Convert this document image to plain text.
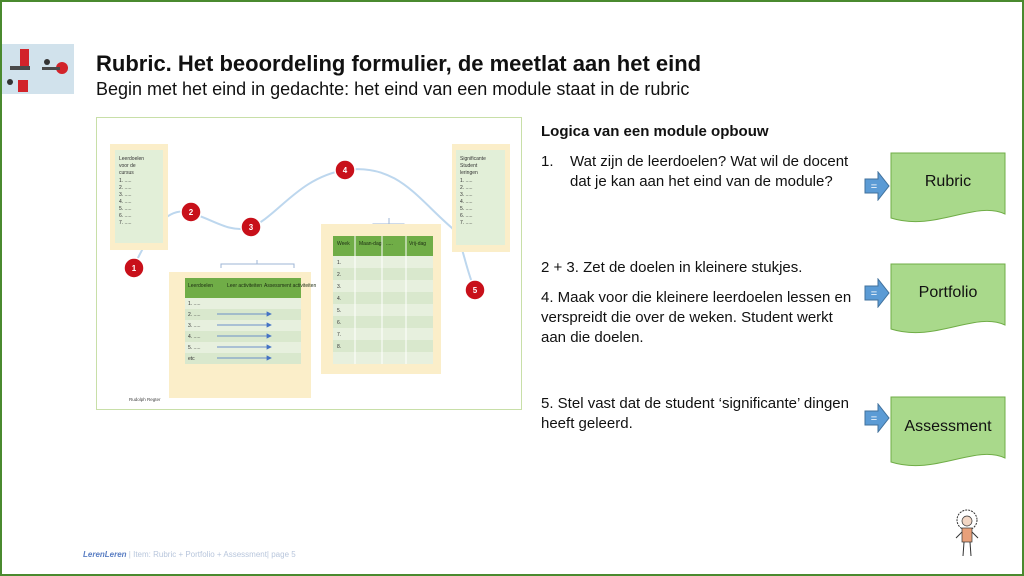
Rubric. Het beoordeling formulier, de meetlat aan het eind
Begin met het eind in gedachte: het eind van een module staat in de rubric
Leerdoelen
voor de
cursus
1. .....
2. .....
3. .....
4. .....
5. .....
6. .....
7. .....
Significante
Student
leringen
1. .....
2. .....
3. .....
4. .....
5. .....
6. .....
7. .....
Leerdoelen	Leer activiteiten Assessment activiteiten
1. .....
2. .....
3. .....
4. .....
5. .....
etc
Week Maan-dag .....	Vrij-dag
1.
2.
3.
4.
5.
6.
7.
8.
1
2
3
4
5
Rudolph Regter
Logica van een module opbouw
1. Wat zijn de leerdoelen? Wat wil de docent dat je kan aan het eind van de module?
2 + 3. Zet de doelen in kleinere stukjes.
4. Maak voor die kleinere leerdoelen lessen en verspreidt die over de weken. Student werkt aan die doelen.
5. Stel vast dat de student ‘significante’ dingen heeft geleerd.
=
=
=
Rubric
Portfolio
Assessment
LerenLeren | Item: Rubric + Portfolio + Assessment| page 5
